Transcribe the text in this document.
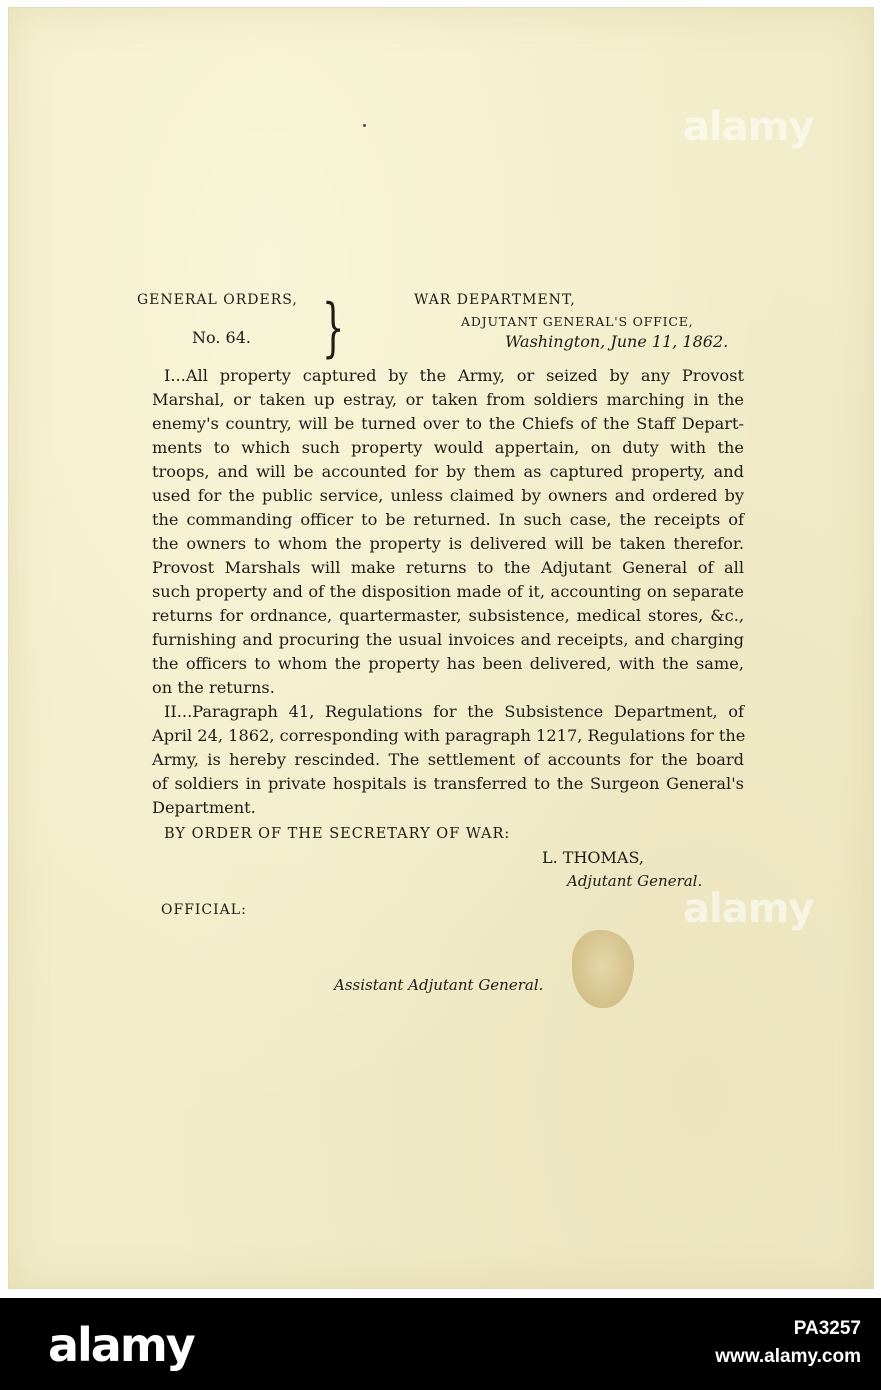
alamy
alamy
GENERAL ORDERS,
No. 64. }	WAR DEPARTMENT,
ADJUTANT GENERAL'S OFFICE,
Washington, June 11, 1862.
I...All property captured by the Army, or seized by any Provost
Marshal, or taken up estray, or taken from soldiers marching in the
enemy's country, will be turned over to the Chiefs of the Staff Depart-
ments to which such property would appertain, on duty with the
troops, and will be accounted for by them as captured property, and
used for the public service, unless claimed by owners and ordered by
the commanding officer to be returned. In such case, the receipts of
the owners to whom the property is delivered will be taken therefor.
Provost Marshals will make returns to the Adjutant General of all
such property and of the disposition made of it, accounting on separate
returns for ordnance, quartermaster, subsistence, medical stores, &c.,
furnishing and procuring the usual invoices and receipts, and charging
the officers to whom the property has been delivered, with the same,
on the returns.
II...Paragraph 41, Regulations for the Subsistence Department, of
April 24, 1862, corresponding with paragraph 1217, Regulations for the
Army, is hereby rescinded. The settlement of accounts for the board
of soldiers in private hospitals is transferred to the Surgeon General's
Department.
BY ORDER OF THE SECRETARY OF WAR:
L. THOMAS,
Adjutant General.
OFFICIAL:
Assistant Adjutant General.
alamy	PA3257
www.alamy.com
